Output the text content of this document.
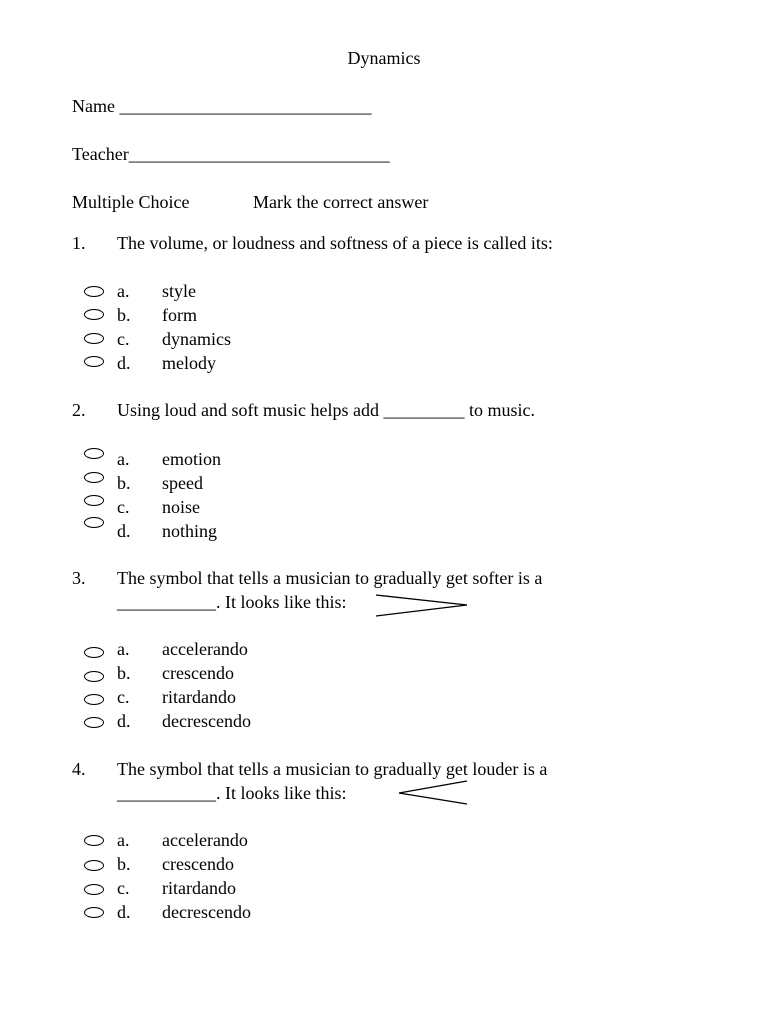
Dynamics
Name ____________________________
Teacher_____________________________
Multiple Choice	Mark the correct answer
1. The volume, or loudness and softness of a piece is called its:
a. style
b. form
c. dynamics
d. melody
2. Using loud and soft music helps add _________ to music.
a. emotion
b. speed
c. noise
d. nothing
3. The symbol that tells a musician to gradually get softer is a
___________. It looks like this:
a. accelerando
b. crescendo
c. ritardando
d. decrescendo
4. The symbol that tells a musician to gradually get louder is a
___________. It looks like this:
a. accelerando
b. crescendo
c. ritardando
d. decrescendo
